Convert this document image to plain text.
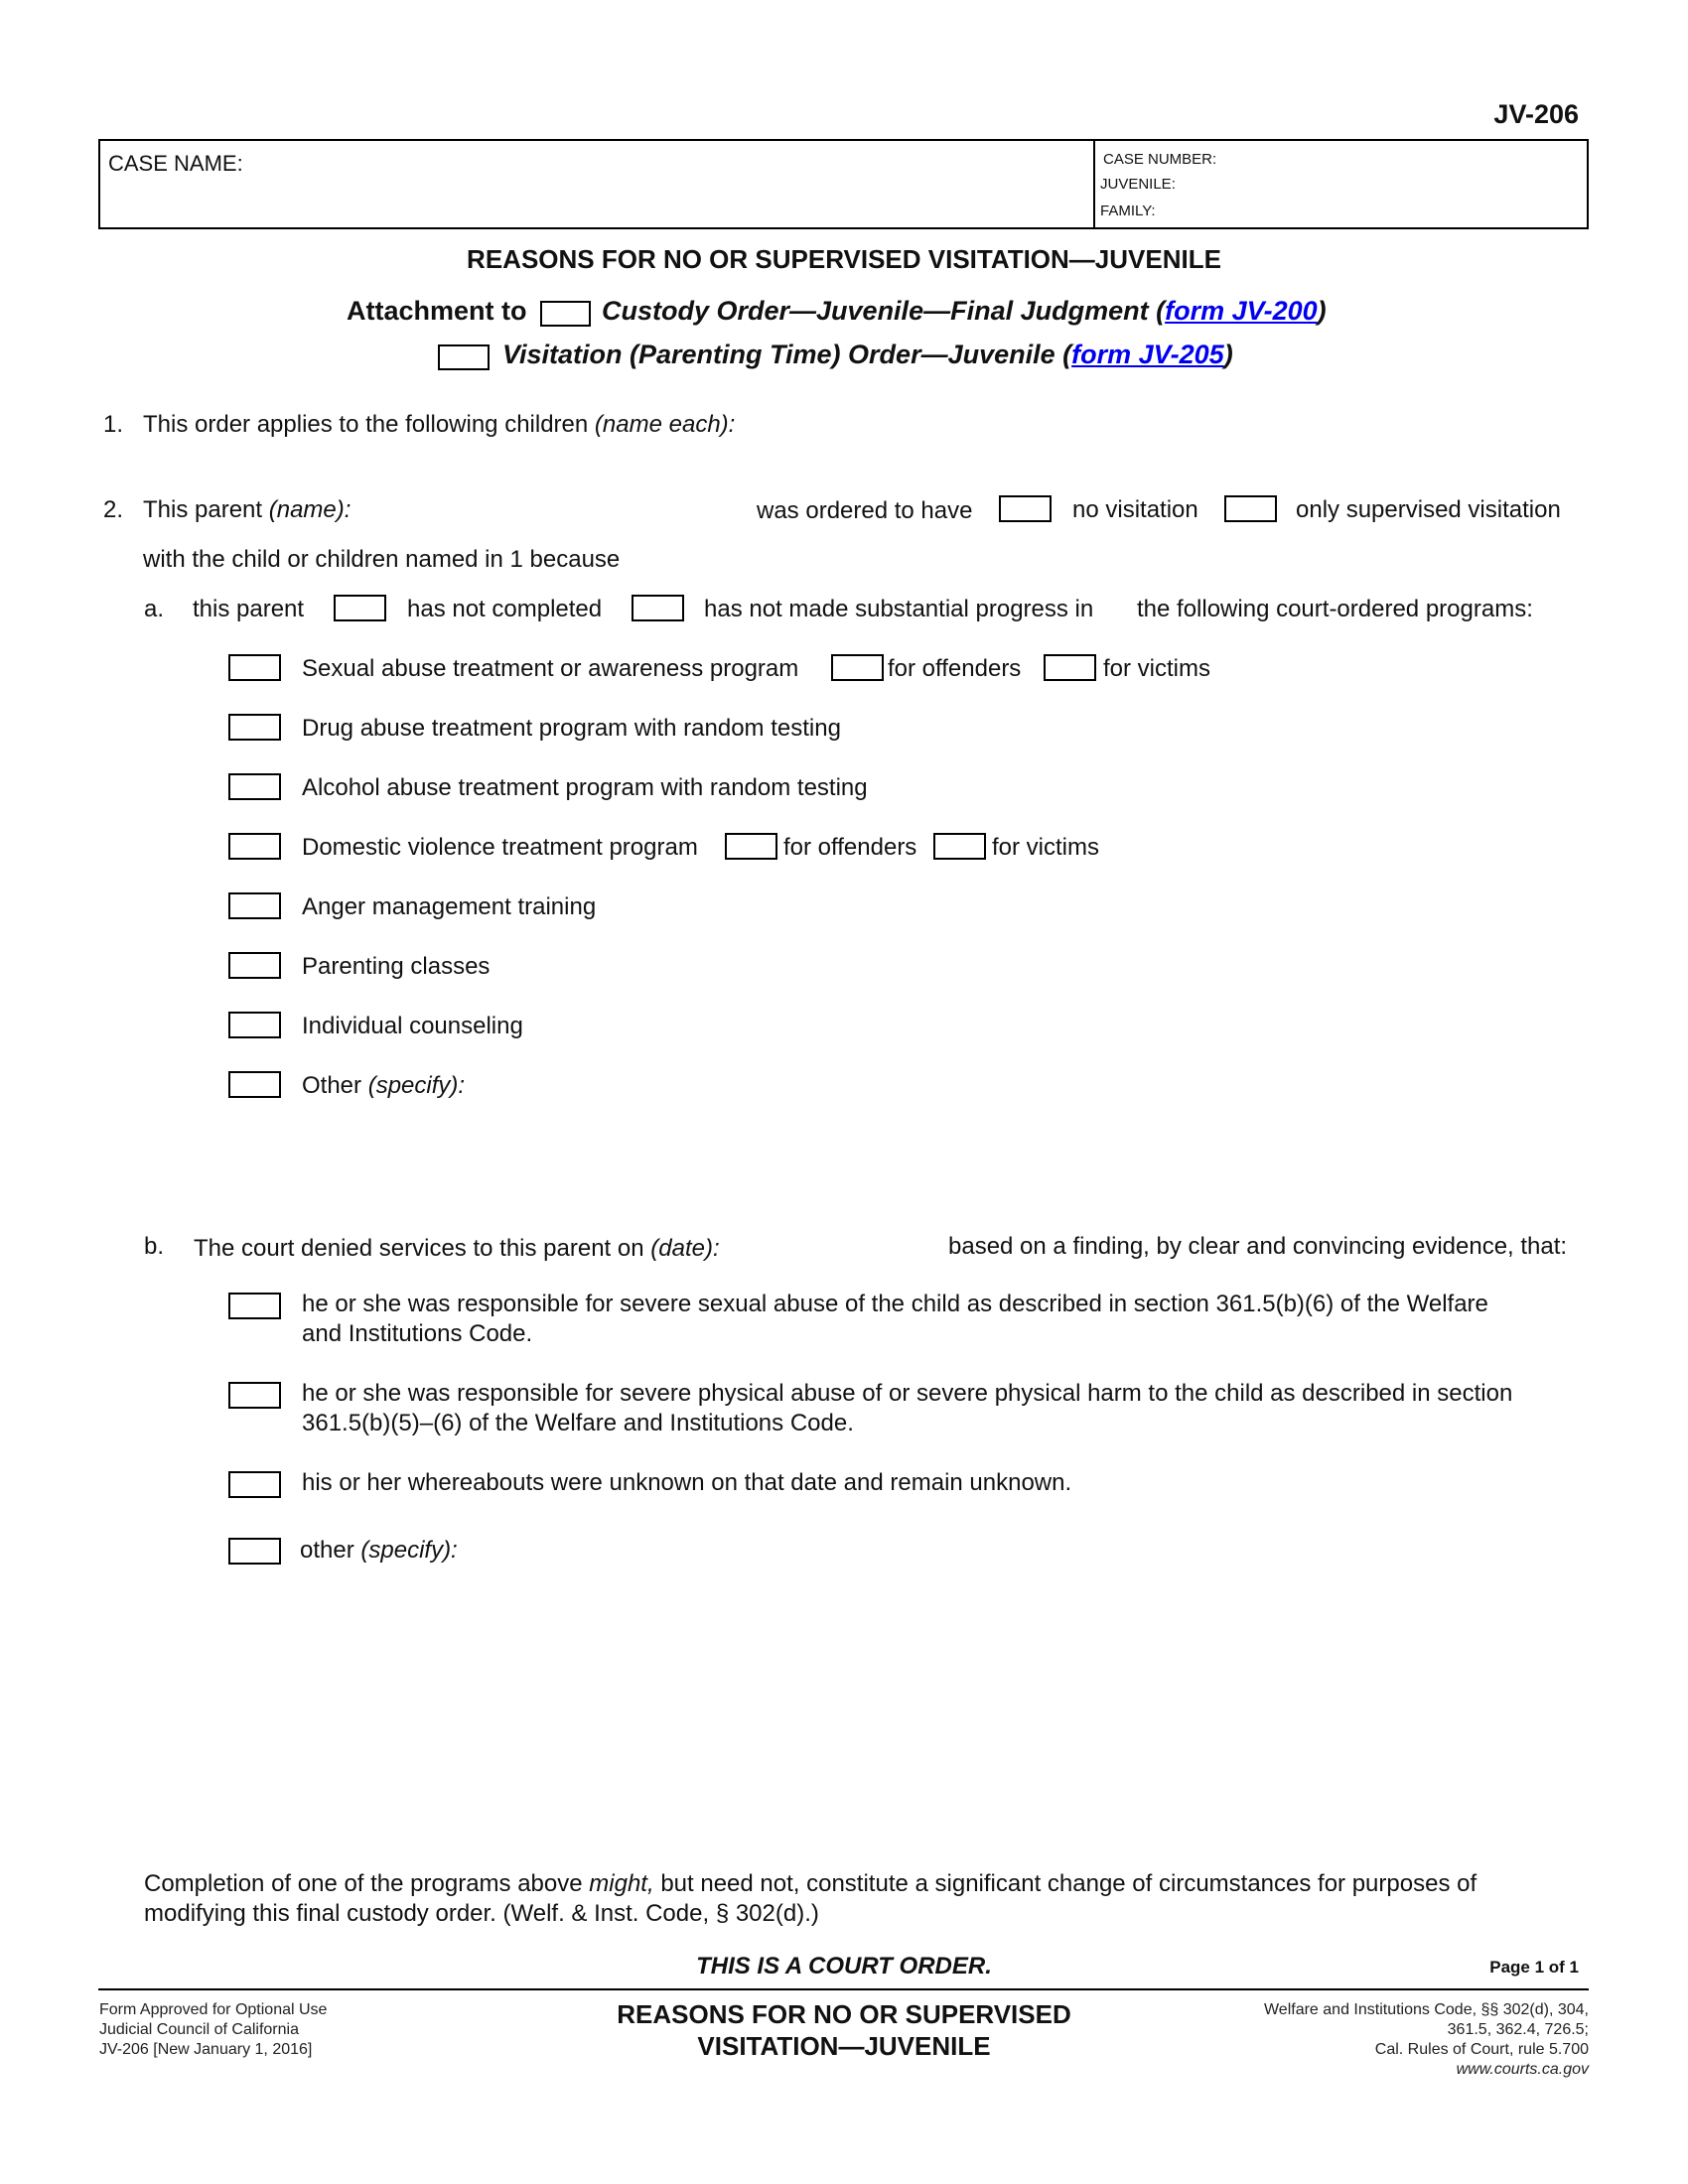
JV-206
CASE NAME:	CASE NUMBER:
JUVENILE:
FAMILY:
REASONS FOR NO OR SUPERVISED VISITATION—JUVENILE
Attachment to	Custody Order—Juvenile—Final Judgment (form JV-200)
Visitation (Parenting Time) Order—Juvenile (form JV-205)
1. This order applies to the following children (name each):
2. This parent (name):	was ordered to have	no visitation	only supervised visitation
with the child or children named in 1 because
a. this parent	has not completed	has not made substantial progress in the following court-ordered programs:
Sexual abuse treatment or awareness program	for offenders	for victims
Drug abuse treatment program with random testing
Alcohol abuse treatment program with random testing
Domestic violence treatment program	for offenders	for victims
Anger management training
Parenting classes
Individual counseling
Other (specify):
b. The court denied services to this parent on (date):	based on a finding, by clear and convincing evidence, that:
he or she was responsible for severe sexual abuse of the child as described in section 361.5(b)(6) of the Welfare
and Institutions Code.
he or she was responsible for severe physical abuse of or severe physical harm to the child as described in section
361.5(b)(5)–(6) of the Welfare and Institutions Code.
his or her whereabouts were unknown on that date and remain unknown.
other (specify):
Completion of one of the programs above might, but need not, constitute a significant change of circumstances for purposes of
modifying this final custody order. (Welf. & Inst. Code, § 302(d).)
THIS IS A COURT ORDER.	Page 1 of 1
Form Approved for Optional Use
Judicial Council of California
JV-206 [New January 1, 2016]
REASONS FOR NO OR SUPERVISED
VISITATION—JUVENILE
Welfare and Institutions Code, §§ 302(d), 304,
361.5, 362.4, 726.5;
Cal. Rules of Court, rule 5.700
www.courts.ca.gov
